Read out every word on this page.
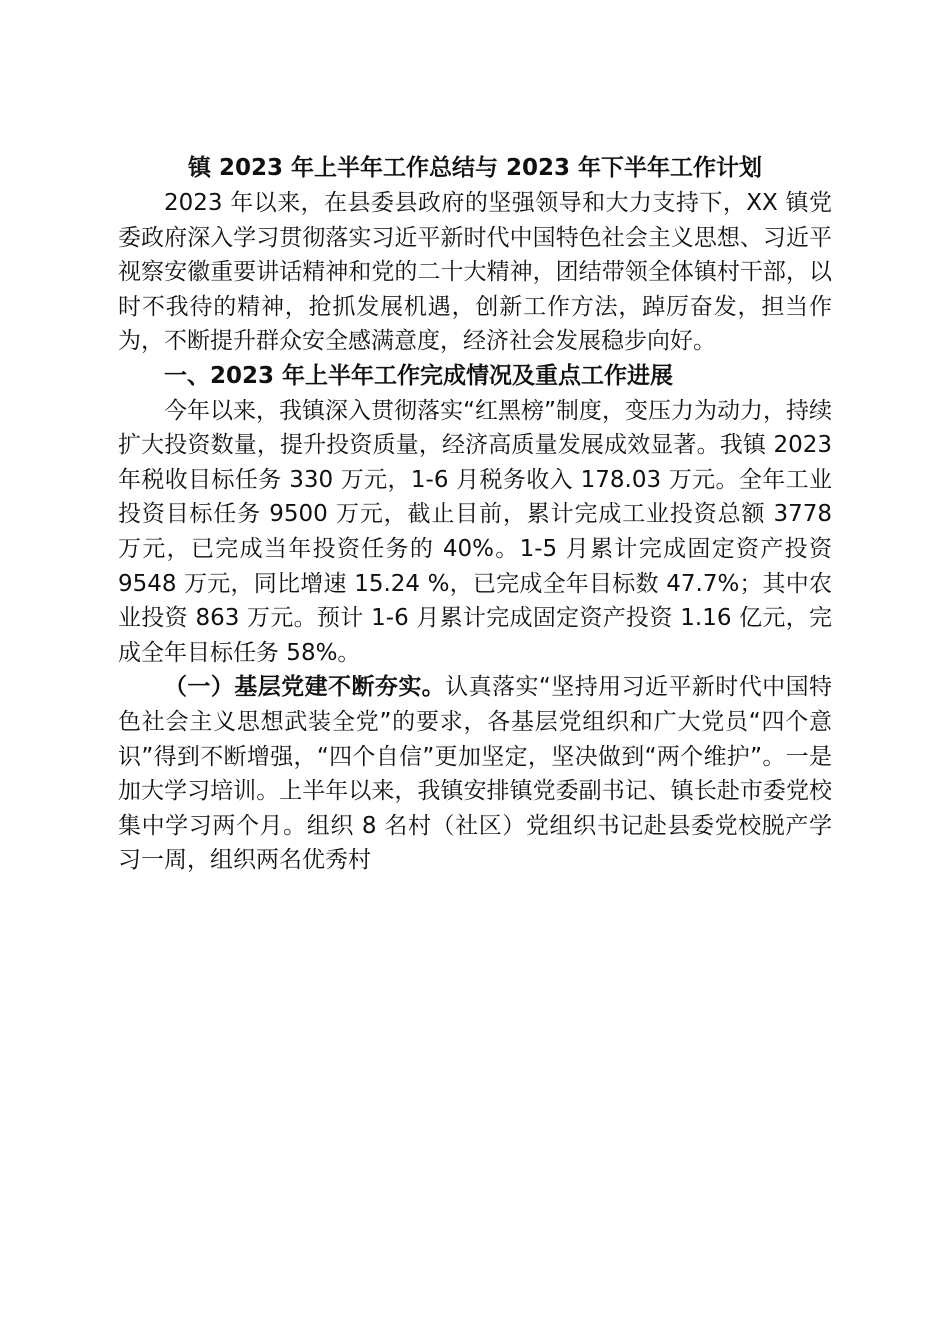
镇 2023 年上半年工作总结与 2023 年下半年工作计划

2023 年以来，在县委县政府的坚强领导和大力支持下，XX 镇党委政府深入学习贯彻落实习近平新时代中国特色社会主义思想、习近平视察安徽重要讲话精神和党的二十大精神，团结带领全体镇村干部，以时不我待的精神，抢抓发展机遇，创新工作方法，踔厉奋发，担当作为，不断提升群众安全感满意度，经济社会发展稳步向好。

一、2023 年上半年工作完成情况及重点工作进展

今年以来，我镇深入贯彻落实“红黑榜”制度，变压力为动力，持续扩大投资数量，提升投资质量，经济高质量发展成效显著。我镇 2023 年税收目标任务 330 万元，1-6 月税务收入 178.03 万元。全年工业投资目标任务 9500 万元，截止目前，累计完成工业投资总额 3778 万元，已完成当年投资任务的 40%。1-5 月累计完成固定资产投资 9548 万元，同比增速 15.24 %，已完成全年目标数 47.7%；其中农业投资 863 万元。预计 1-6 月累计完成固定资产投资 1.16 亿元，完成全年目标任务 58%。

（一）基层党建不断夯实。认真落实“坚持用习近平新时代中国特色社会主义思想武装全党”的要求，各基层党组织和广大党员“四个意识”得到不断增强，“四个自信”更加坚定，坚决做到“两个维护”。一是加大学习培训。上半年以来，我镇安排镇党委副书记、镇长赴市委党校集中学习两个月。组织 8 名村（社区）党组织书记赴县委党校脱产学习一周，组织两名优秀村
